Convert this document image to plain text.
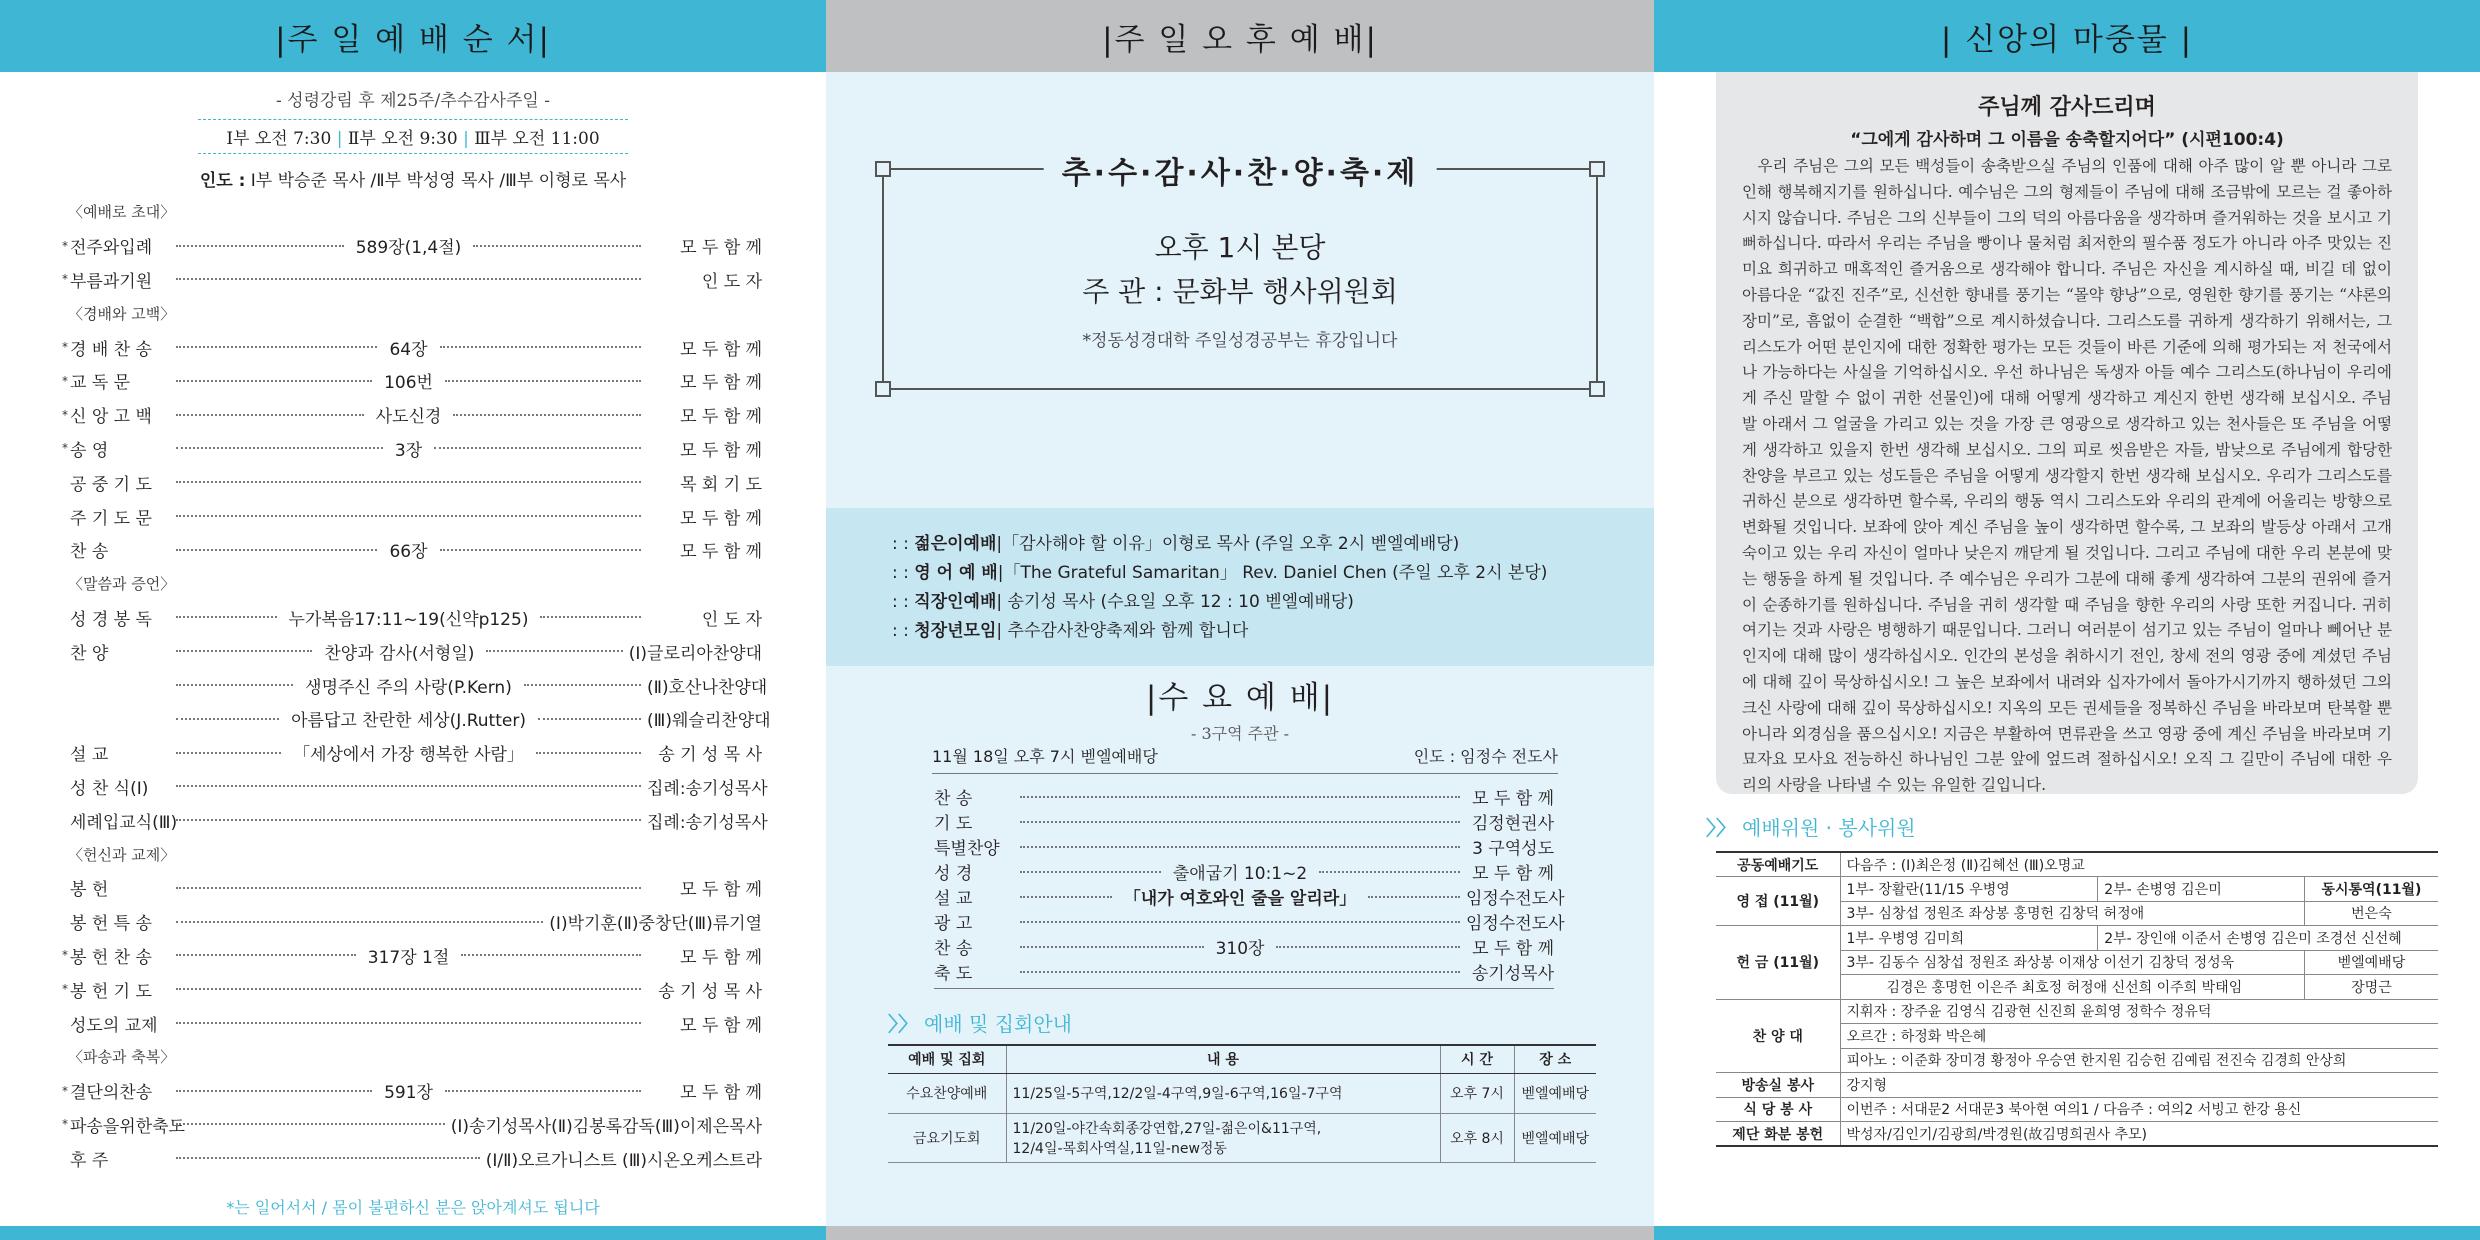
|주 일 예 배 순 서|
- 성령강림 후 제25주/추수감사주일 -
Ⅰ부 오전 7:30 | Ⅱ부 오전 9:30 | Ⅲ부 오전 11:00
인도 : Ⅰ부 박승준 목사 /Ⅱ부 박성영 목사 /Ⅲ부 이형로 목사
〈예배로 초대〉
* 전주와입례	589장(1,4절)	모 두 함 께
* 부름과기원	인 도 자
〈경배와 고백〉
* 경 배 찬 송	64장	모 두 함 께
* 교 독 문	106번	모 두 함 께
* 신 앙 고 백	사도신경	모 두 함 께
* 송 영	3장	모 두 함 께
공 중 기 도	목 회 기 도
주 기 도 문	모 두 함 께
찬 송	66장	모 두 함 께
〈말씀과 증언〉
성 경 봉 독	누가복음17:11~19(신약p125)	인 도 자
찬 양	찬양과 감사(서형일)	(Ⅰ)글로리아찬양대
생명주신 주의 사랑(P.Kern)	(Ⅱ)호산나찬양대
아름답고 찬란한 세상(J.Rutter)	(Ⅲ)웨슬리찬양대
설 교	「세상에서 가장 행복한 사람」	송 기 성 목 사
성 찬 식(Ⅰ)	집례:송기성목사
세례입교식(Ⅲ)	집례:송기성목사
〈헌신과 교제〉
봉 헌	모 두 함 께
봉 헌 특 송	(Ⅰ)박기훈(Ⅱ)중창단(Ⅲ)류기열
* 봉 헌 찬 송	317장 1절	모 두 함 께
* 봉 헌 기 도	송 기 성 목 사
성도의 교제	모 두 함 께
〈파송과 축복〉
* 결단의찬송	591장	모 두 함 께
* 파송을위한축도	(Ⅰ)송기성목사(Ⅱ)김봉록감독(Ⅲ)이제은목사
후 주	(Ⅰ/Ⅱ)오르가니스트 (Ⅲ)시온오케스트라
*는 일어서서 / 몸이 불편하신 분은 앉아계셔도 됩니다
|주 일 오 후 예 배|
추·수·감·사·찬·양·축·제
오후 1시 본당
주 관 : 문화부 행사위원회
*정동성경대학 주일성경공부는 휴강입니다
: : 젊은이예배|「감사해야 할 이유」이형로 목사 (주일 오후 2시 벧엘예배당)
: : 영 어 예 배|「The Grateful Samaritan」 Rev. Daniel Chen (주일 오후 2시 본당)
: : 직장인예배| 송기성 목사 (수요일 오후 12 : 10 벧엘예배당)
: : 청장년모임| 추수감사찬양축제와 함께 합니다
|수 요 예 배|
- 3구역 주관 -
11월 18일 오후 7시 벧엘예배당	인도 : 임정수 전도사
찬 송	모 두 함 께
기 도	김정현권사
특별찬양	3 구역성도
성 경	출애굽기 10:1~2	모 두 함 께
설 교	「내가 여호와인 줄을 알리라」	임정수전도사
광 고	임정수전도사
찬 송	310장	모 두 함 께
축 도	송기성목사
〉〉 예배 및 집회안내
예배 및 집회	내 용	시 간	장 소
수요찬양예배	11/25일-5구역,12/2일-4구역,9일-6구역,16일-7구역	오후 7시	벧엘예배당
금요기도회	11/20일-야간속회종강연합,27일-젊은이&11구역,
12/4일-목회사역실,11일-new정동	오후 8시	벧엘예배당
| 신앙의 마중물 |
주님께 감사드리며
“그에게 감사하며 그 이름을 송축할지어다” (시편100:4)
우리 주님은 그의 모든 백성들이 송축받으실 주님의 인품에 대해 아주 많이 알 뿐 아니라 그로 인해 행복해지기를 원하십니다. 예수님은 그의 형제들이 주님에 대해 조금밖에 모르는 걸 좋아하시지 않습니다. 주님은 그의 신부들이 그의 덕의 아름다움을 생각하며 즐거워하는 것을 보시고 기뻐하십니다. 따라서 우리는 주님을 빵이나 물처럼 최저한의 필수품 정도가 아니라 아주 맛있는 진미요 희귀하고 매혹적인 즐거움으로 생각해야 합니다. 주님은 자신을 계시하실 때, 비길 데 없이 아름다운 “값진 진주”로, 신선한 향내를 풍기는 “몰약 향낭”으로, 영원한 향기를 풍기는 “샤론의 장미”로, 흠없이 순결한 “백합”으로 계시하셨습니다. 그리스도를 귀하게 생각하기 위해서는, 그리스도가 어떤 분인지에 대한 정확한 평가는 모든 것들이 바른 기준에 의해 평가되는 저 천국에서나 가능하다는 사실을 기억하십시오. 우선 하나님은 독생자 아들 예수 그리스도(하나님이 우리에게 주신 말할 수 없이 귀한 선물인)에 대해 어떻게 생각하고 계신지 한번 생각해 보십시오. 주님 발 아래서 그 얼굴을 가리고 있는 것을 가장 큰 영광으로 생각하고 있는 천사들은 또 주님을 어떻게 생각하고 있을지 한번 생각해 보십시오. 그의 피로 씻음받은 자들, 밤낮으로 주님에게 합당한 찬양을 부르고 있는 성도들은 주님을 어떻게 생각할지 한번 생각해 보십시오. 우리가 그리스도를 귀하신 분으로 생각하면 할수록, 우리의 행동 역시 그리스도와 우리의 관계에 어울리는 방향으로 변화될 것입니다. 보좌에 앉아 계신 주님을 높이 생각하면 할수록, 그 보좌의 발등상 아래서 고개 숙이고 있는 우리 자신이 얼마나 낮은지 깨닫게 될 것입니다. 그리고 주님에 대한 우리 본분에 맞는 행동을 하게 될 것입니다. 주 예수님은 우리가 그분에 대해 좋게 생각하여 그분의 권위에 즐거이 순종하기를 원하십니다. 주님을 귀히 생각할 때 주님을 향한 우리의 사랑 또한 커집니다. 귀히 여기는 것과 사랑은 병행하기 때문입니다. 그러니 여러분이 섬기고 있는 주님이 얼마나 뻬어난 분인지에 대해 많이 생각하십시오. 인간의 본성을 취하시기 전인, 창세 전의 영광 중에 계셨던 주님에 대해 깊이 묵상하십시오! 그 높은 보좌에서 내려와 십자가에서 돌아가시기까지 행하셨던 그의 크신 사랑에 대해 깊이 묵상하십시오! 지옥의 모든 권세들을 정복하신 주님을 바라보며 탄복할 뿐 아니라 외경심을 품으십시오! 지금은 부활하여 면류관을 쓰고 영광 중에 계신 주님을 바라보며 기묘자요 모사요 전능하신 하나님인 그분 앞에 엎드려 절하십시오! 오직 그 길만이 주님에 대한 우리의 사랑을 나타낼 수 있는 유일한 길입니다.
〉〉 예배위원 · 봉사위원
공동예배기도	다음주 : (Ⅰ)최은정 (Ⅱ)김혜선 (Ⅲ)오명교		
영 접 (11월)	1부- 장활란(11/15 우병영	2부- 손병영 김은미	동시통역(11월)
	3부- 심창섭 정원조 좌상봉 홍명헌 김창덕 허정애		번은숙
헌 금 (11월)	1부- 우병영 김미희	2부- 장인애 이준서 손병영 김은미 조경선 신선혜	
	3부- 김동수 심창섭 정원조 좌상봉 이재상 이선기 김창덕 정성욱		벧엘예배당
	김경은 홍명헌 이은주 최호정 허정애 신선희 이주희 박태임		장명근
찬 양 대	지휘자 : 장주윤 김영식 김광현 신진희 윤희영 정학수 정유덕		
	오르간 : 하정화 박은혜		
	피아노 : 이준화 장미경 황정아 우승연 한지원 김승헌 김예림 전진숙 김경희 안상희		
방송실 봉사	강지형		
식 당 봉 사	이번주 : 서대문2 서대문3 북아현 여의1 / 다음주 : 여의2 서빙고 한강 용신		
제단 화분 봉헌	박성자/김인기/김광희/박경원(故김명희권사 추모)		
